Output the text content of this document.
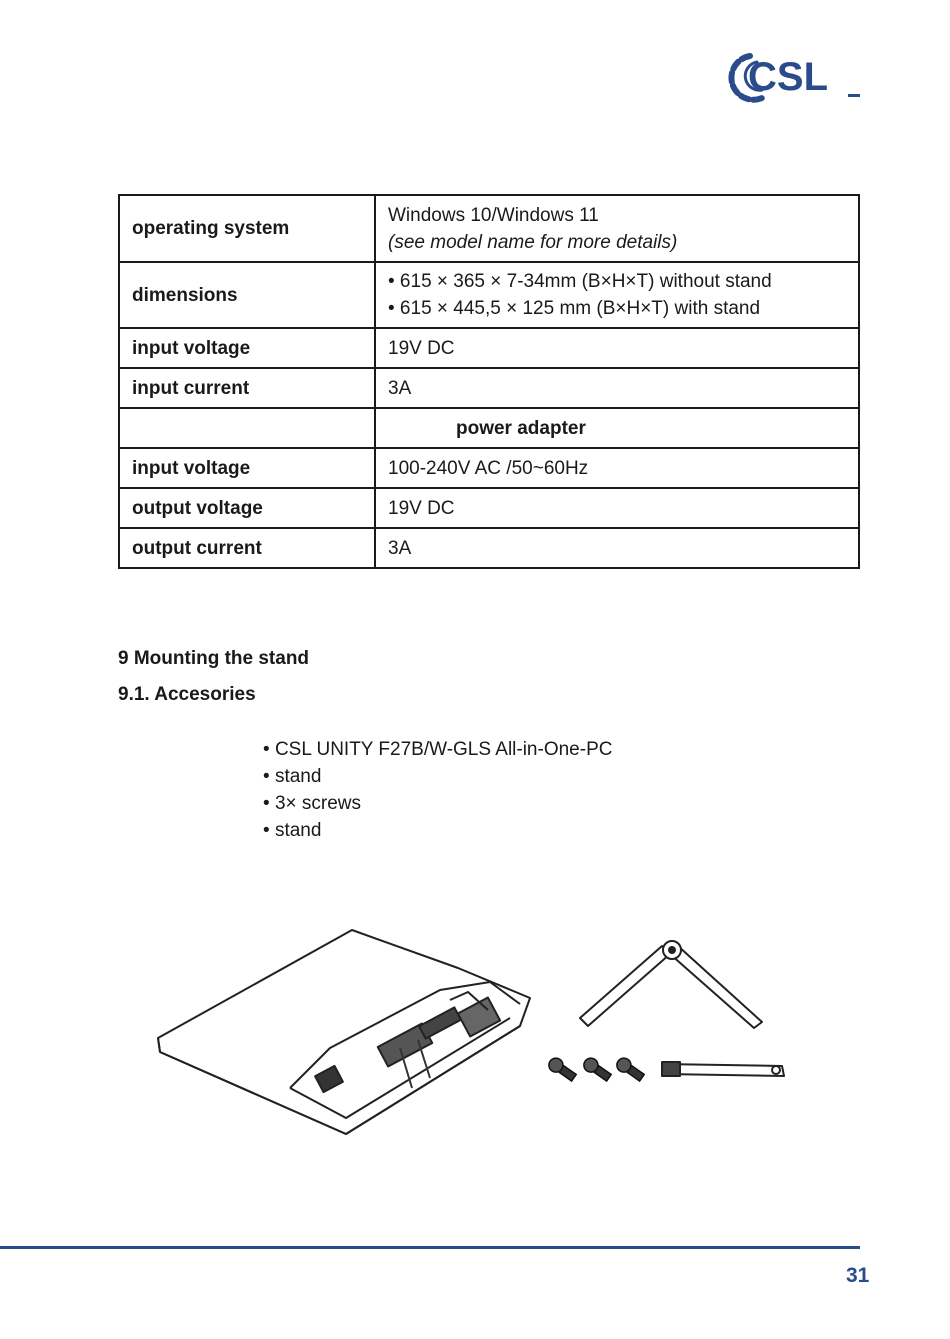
CSL
operating system	Windows 10/Windows 11
(see model name for more details)

dimensions	• 615 × 365 × 7-34mm (B×H×T) without stand
• 615 × 445,5 × 125 mm (B×H×T) with stand

input voltage	19V DC
input current	3A
	power adapter
input voltage	100-240V AC /50~60Hz
output voltage	19V DC
output current	3A
9 Mounting the stand
9.1. Accesories
• CSL UNITY F27B/W-GLS All-in-One-PC
• stand
• 3× screws
• stand
31
